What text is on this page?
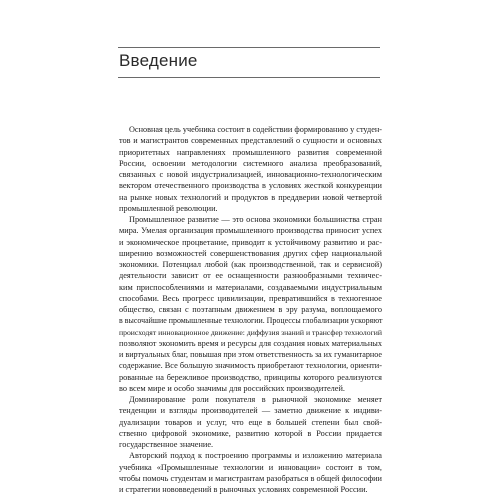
Введение

Основная цель учебника состоит в содействии формированию у студен-
тов и магистрантов современных представлений о сущности и основных
приоритетных направлениях промышленного развития современной
России, освоении методологии системного анализа преобразований,
связанных с новой индустриализацией, инновационно-технологическим
вектором отечественного производства в условиях жесткой конкуренции
на рынке новых технологий и продуктов в преддверии новой четвертой
промышленной революции.

Промышленное развитие — это основа экономики большинства стран
мира. Умелая организация промышленного производства приносит успех
и экономическое процветание, приводит к устойчивому развитию и рас-
ширению возможностей совершенствования других сфер национальной
экономики. Потенциал любой (как производственной, так и сервисной)
деятельности зависит от ее оснащенности разнообразными техничес-
ким приспособлениями и материалами, создаваемыми индустриальным
способами. Весь прогресс цивилизации, превратившийся в техногенное
общество, связан с поэтапным движением в эру разума, воплощаемого
в высочайшие промышленные технологии. Процессы глобализации ускоряют
происходят инновационное движение: диффузия знаний и трансфер технологий
позволяют экономить время и ресурсы для создания новых материальных
и виртуальных благ, повышая при этом ответственность за их гуманитарное
содержание. Все большую значимость приобретают технологии, ориенти-
рованные на бережливое производство, принципы которого реализуются
во всем мире и особо значимы для российских производителей.

Доминирование роли покупателя в рыночной экономике меняет
тенденции и взгляды производителей — заметно движение к индиви-
дуализации товаров и услуг, что еще в большей степени был свой-
ственно цифровой экономике, развитию которой в России придается
государственное значение.

Авторский подход к построению программы и изложению материала
учебника «Промышленные технологии и инновации» состоит в том,
чтобы помочь студентам и магистрантам разобраться в общей философии
и стратегии нововведений в рыночных условиях современной России.
